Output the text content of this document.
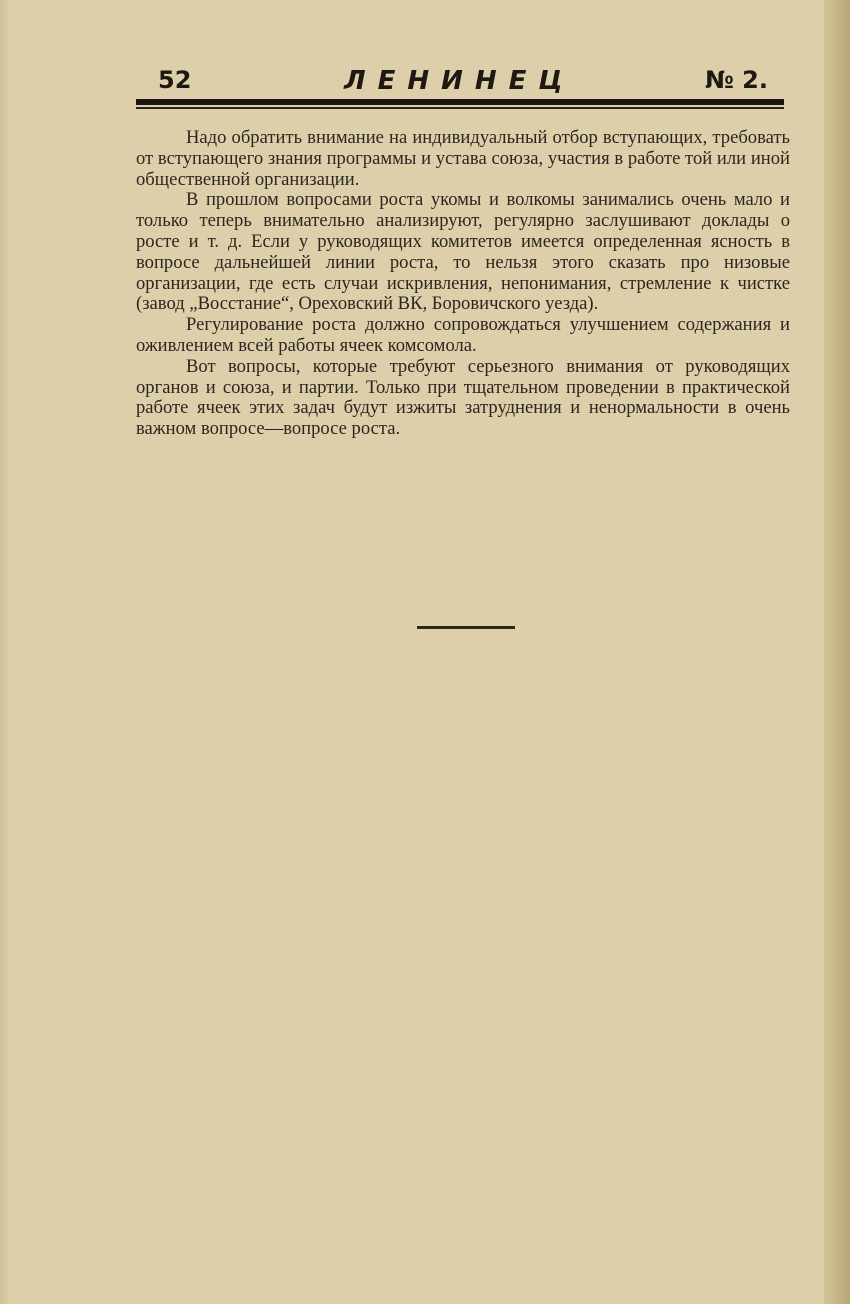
52	ЛЕНИНЕЦ	№ 2.

Надо обратить внимание на индивидуальный отбор вступающих, требовать от вступающего знания программы и устава союза, участия в работе той или иной общественной организации.

В прошлом вопросами роста укомы и волкомы занимались очень мало и только теперь внимательно анализируют, регулярно заслушивают доклады о росте и т. д. Если у руководящих комитетов имеется определенная ясность в вопросе дальнейшей линии роста, то нельзя этого сказать про низовые организации, где есть случаи искривления, непонимания, стремление к чистке (завод „Восстание“, Ореховский ВК, Боровичского уезда).

Регулирование роста должно сопровождаться улучшением содержания и оживлением всей работы ячеек комсомола.

Вот вопросы, которые требуют серьезного внимания от руководящих органов и союза, и партии. Только при тщательном проведении в практической работе ячеек этих задач будут изжиты затруднения и ненормальности в очень важном вопросе—вопросе роста.
